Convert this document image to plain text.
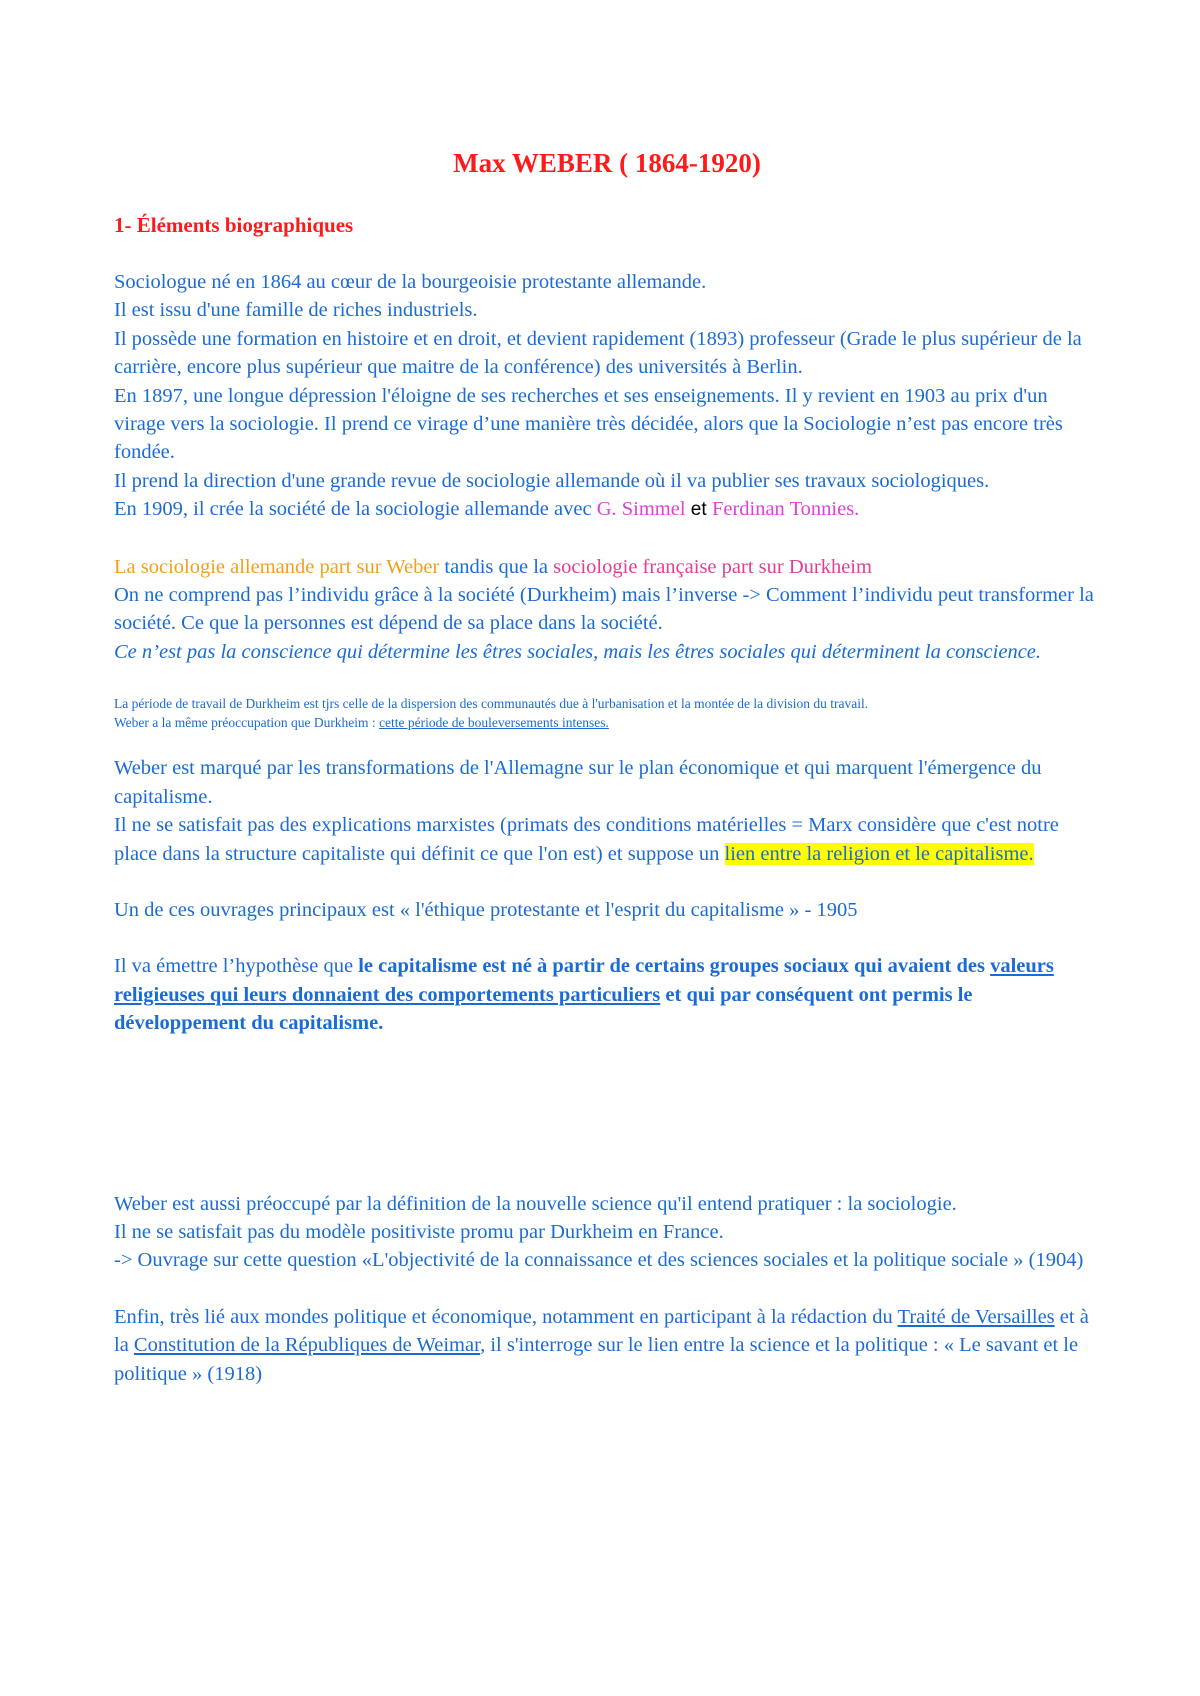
Max WEBER ( 1864-1920)
1- Éléments biographiques

Sociologue né en 1864 au cœur de la bourgeoisie protestante allemande.

Il est issu d'une famille de riches industriels.

Il possède une formation en histoire et en droit, et devient rapidement (1893) professeur (Grade le plus supérieur de la carrière, encore plus supérieur que maitre de la conférence) des universités à Berlin.

En 1897, une longue dépression l'éloigne de ses recherches et ses enseignements. Il y revient en 1903 au prix d'un virage vers la sociologie. Il prend ce virage d’une manière très décidée, alors que la Sociologie n’est pas encore très fondée.

Il prend la direction d'une grande revue de sociologie allemande où il va publier ses travaux sociologiques.

En 1909, il crée la société de la sociologie allemande avec G. Simmel et Ferdinan Tonnies.

La sociologie allemande part sur Weber tandis que la sociologie française part sur Durkheim

On ne comprend pas l’individu grâce à la société (Durkheim) mais l’inverse -> Comment l’individu peut transformer la société. Ce que la personnes est dépend de sa place dans la société.

Ce n’est pas la conscience qui détermine les êtres sociales, mais les êtres sociales qui déterminent la conscience.

La période de travail de Durkheim est tjrs celle de la dispersion des communautés due à l'urbanisation et la montée de la division du travail.

Weber a la même préoccupation que Durkheim : cette période de bouleversements intenses.

Weber est marqué par les transformations de l'Allemagne sur le plan économique et qui marquent l'émergence du capitalisme.

Il ne se satisfait pas des explications marxistes (primats des conditions matérielles = Marx considère que c'est notre place dans la structure capitaliste qui définit ce que l'on est) et suppose un lien entre la religion et le capitalisme.

Un de ces ouvrages principaux est « l'éthique protestante et l'esprit du capitalisme » - 1905

Il va émettre l’hypothèse que le capitalisme est né à partir de certains groupes sociaux qui avaient des valeurs religieuses qui leurs donnaient des comportements particuliers et qui par conséquent ont permis le développement du capitalisme.

Weber est aussi préoccupé par la définition de la nouvelle science qu'il entend pratiquer : la sociologie.

Il ne se satisfait pas du modèle positiviste promu par Durkheim en France.

-> Ouvrage sur cette question «L'objectivité de la connaissance et des sciences sociales et la politique sociale » (1904)

Enfin, très lié aux mondes politique et économique, notamment en participant à la rédaction du Traité de Versailles et à la Constitution de la Républiques de Weimar, il s'interroge sur le lien entre la science et la politique : « Le savant et le politique » (1918)
